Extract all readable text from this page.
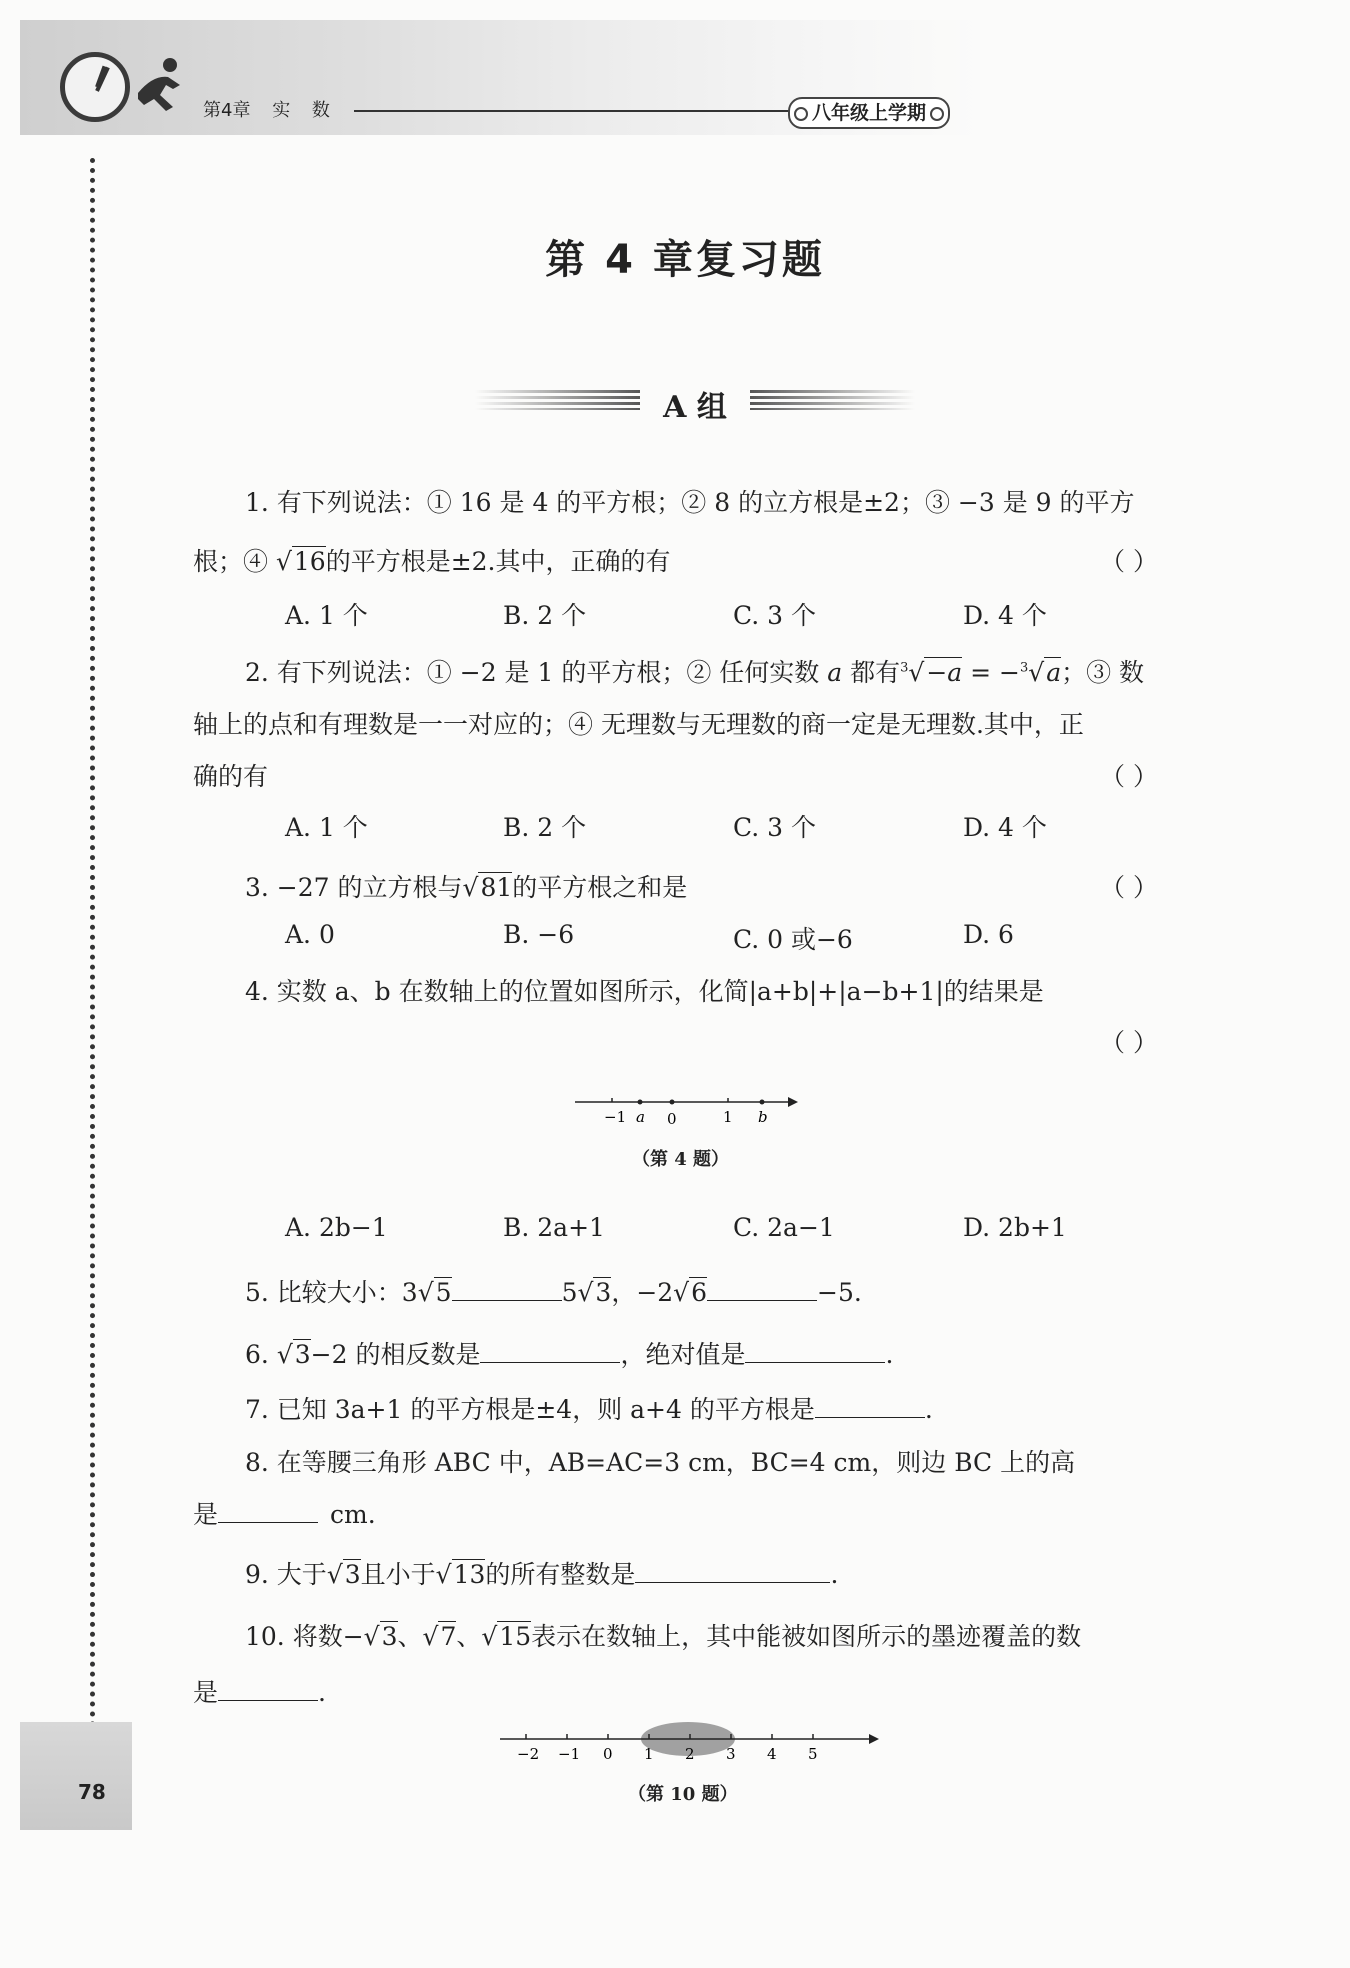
第4章 实 数	八年级上学期
78
第 4 章复习题
A 组
1. 有下列说法：① 16 是 4 的平方根；② 8 的立方根是±2；③ −3 是 9 的平方
根；④ √16的平方根是±2.其中，正确的有	（ ）
A. 1 个	B. 2 个	C. 3 个	D. 4 个
2. 有下列说法：① −2 是 1 的平方根；② 任何实数 a 都有$^3$√−a = −$^3$√a；③ 数
轴上的点和有理数是一一对应的；④ 无理数与无理数的商一定是无理数.其中，正
确的有	（ ）
A. 1 个	B. 2 个	C. 3 个	D. 4 个
3. −27 的立方根与√81的平方根之和是	（ ）
A. 0	B. −6	C. 0 或−6	D. 6
4. 实数 a、b 在数轴上的位置如图所示，化简|a+b|+|a−b+1|的结果是
（ ）
−1 a 0	1 b
（第 4 题）
A. 2b−1	B. 2a+1	C. 2a−1	D. 2b+1
5. 比较大小：3√5	5√3，−2√6	−5.
6. √3−2 的相反数是	，绝对值是	.
7. 已知 3a+1 的平方根是±4，则 a+4 的平方根是	.
8. 在等腰三角形 ABC 中，AB=AC=3 cm，BC=4 cm，则边 BC 上的高
是	cm.
9. 大于√3且小于√13的所有整数是	.
10. 将数−√3、√7、√15表示在数轴上，其中能被如图所示的墨迹覆盖的数
是	.
−2 −1 0 1 2 3 4 5
（第 10 题）
